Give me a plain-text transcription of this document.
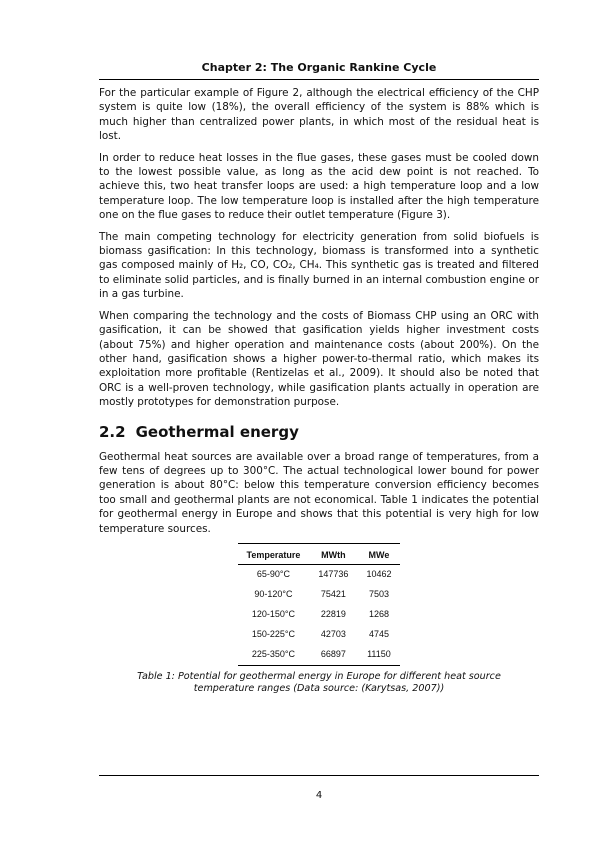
Chapter 2: The Organic Rankine Cycle

For the particular example of Figure 2, although the electrical efficiency of the CHP system is quite low (18%), the overall efficiency of the system is 88% which is much higher than centralized power plants, in which most of the residual heat is lost.

In order to reduce heat losses in the flue gases, these gases must be cooled down to the lowest possible value, as long as the acid dew point is not reached. To achieve this, two heat transfer loops are used: a high temperature loop and a low temperature loop. The low temperature loop is installed after the high temperature one on the flue gases to reduce their outlet temperature (Figure 3).

The main competing technology for electricity generation from solid biofuels is biomass gasification: In this technology, biomass is transformed into a synthetic gas composed mainly of H₂, CO, CO₂, CH₄. This synthetic gas is treated and filtered to eliminate solid particles, and is finally burned in an internal combustion engine or in a gas turbine.

When comparing the technology and the costs of Biomass CHP using an ORC with gasification, it can be showed that gasification yields higher investment costs (about 75%) and higher operation and maintenance costs (about 200%). On the other hand, gasification shows a higher power-to-thermal ratio, which makes its exploitation more profitable (Rentizelas et al., 2009). It should also be noted that ORC is a well-proven technology, while gasification plants actually in operation are mostly prototypes for demonstration purpose.

2.2 Geothermal energy

Geothermal heat sources are available over a broad range of temperatures, from a few tens of degrees up to 300°C. The actual technological lower bound for power generation is about 80°C: below this temperature conversion efficiency becomes too small and geothermal plants are not economical. Table 1 indicates the potential for geothermal energy in Europe and shows that this potential is very high for low temperature sources.

Temperature	MWth	MWe
65-90°C	147736	10462
90-120°C	75421	7503
120-150°C	22819	1268
150-225°C	42703	4745
225-350°C	66897	11150

Table 1: Potential for geothermal energy in Europe for different heat source temperature ranges (Data source: (Karytsas, 2007))

4
